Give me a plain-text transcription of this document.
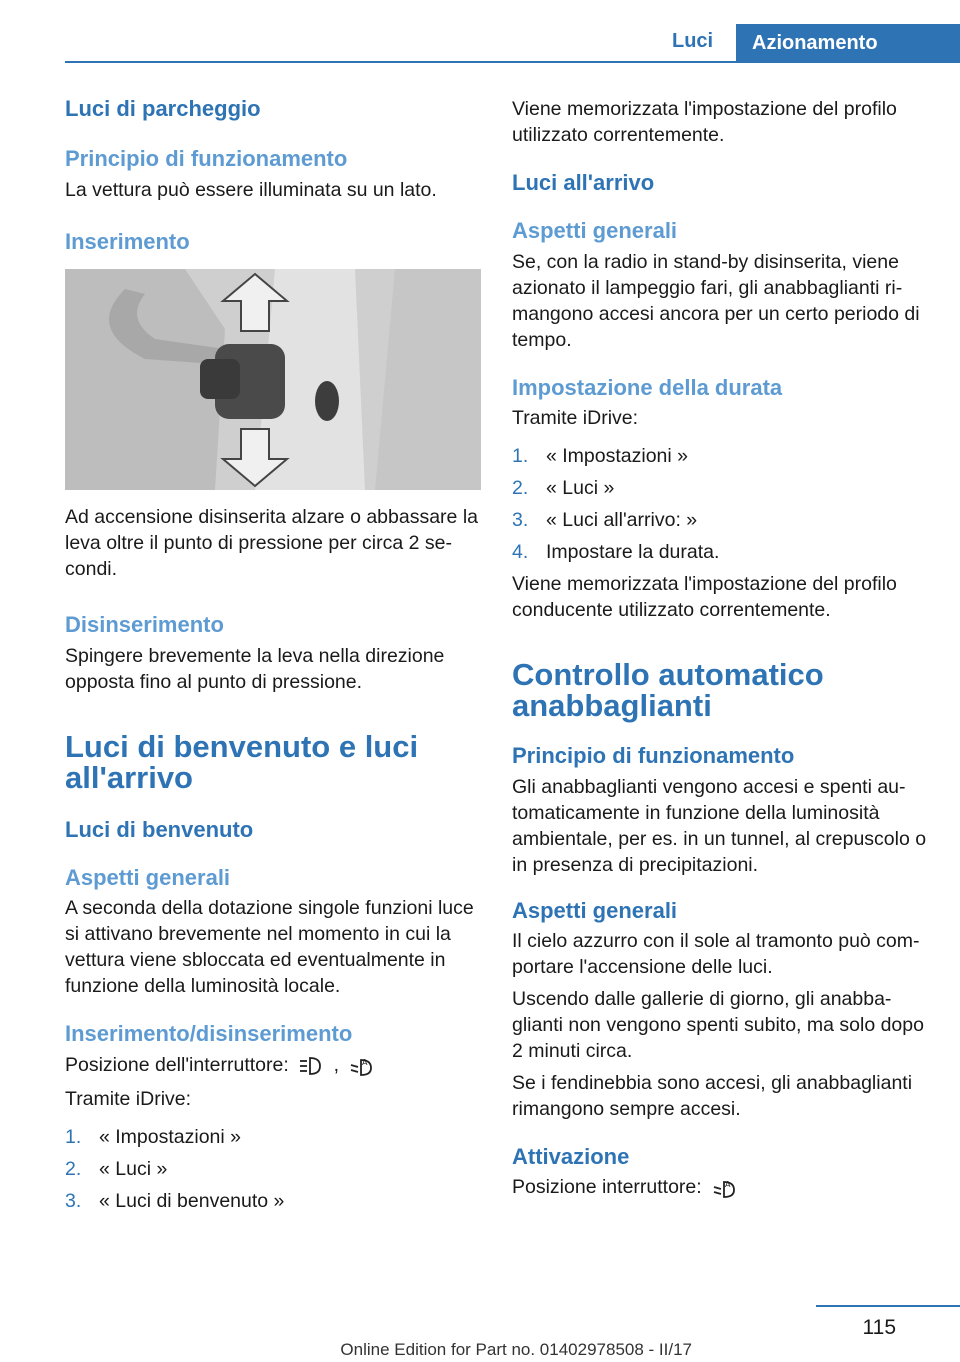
Luci	Azionamento
Luci di parcheggio
Principio di funzionamento

La vettura può essere illuminata su un lato.

Inserimento

Ad accensione disinserita alzare o abbassare la leva oltre il punto di pressione per circa 2 se‐ condi.

Disinserimento

Spingere brevemente la leva nella direzione opposta fino al punto di pressione.

Luci di benvenuto e luci all'arrivo
Luci di benvenuto
Aspetti generali

A seconda della dotazione singole funzioni luce si attivano brevemente nel momento in cui la vettura viene sbloccata ed eventualmente in funzione della luminosità locale.

Inserimento/disinserimento

Posizione dell'interruttore: ,	A

Tramite iDrive:

1. « Impostazioni »
2. « Luci »
3. « Luci di benvenuto »

Viene memorizzata l'impostazione del profilo utilizzato correntemente.

Luci all'arrivo
Aspetti generali

Se, con la radio in stand-by disinserita, viene azionato il lampeggio fari, gli anabbaglianti ri‐ mangono accesi ancora per un certo periodo di tempo.

Impostazione della durata

Tramite iDrive:

1. « Impostazioni »
2. « Luci »
3. « Luci all'arrivo: »
4. Impostare la durata.

Viene memorizzata l'impostazione del profilo conducente utilizzato correntemente.

Controllo automatico anabbaglianti
Principio di funzionamento

Gli anabbaglianti vengono accesi e spenti au‐ tomaticamente in funzione della luminosità ambientale, per es. in un tunnel, al crepuscolo o in presenza di precipitazioni.

Aspetti generali

Il cielo azzurro con il sole al tramonto può com‐ portare l'accensione delle luci.

Uscendo dalle gallerie di giorno, gli anabba‐ glianti non vengono spenti subito, ma solo dopo 2 minuti circa.

Se i fendinebbia sono accesi, gli anabbaglianti rimangono sempre accesi.

Attivazione

Posizione interruttore:	A

115
Online Edition for Part no. 01402978508 - II/17
